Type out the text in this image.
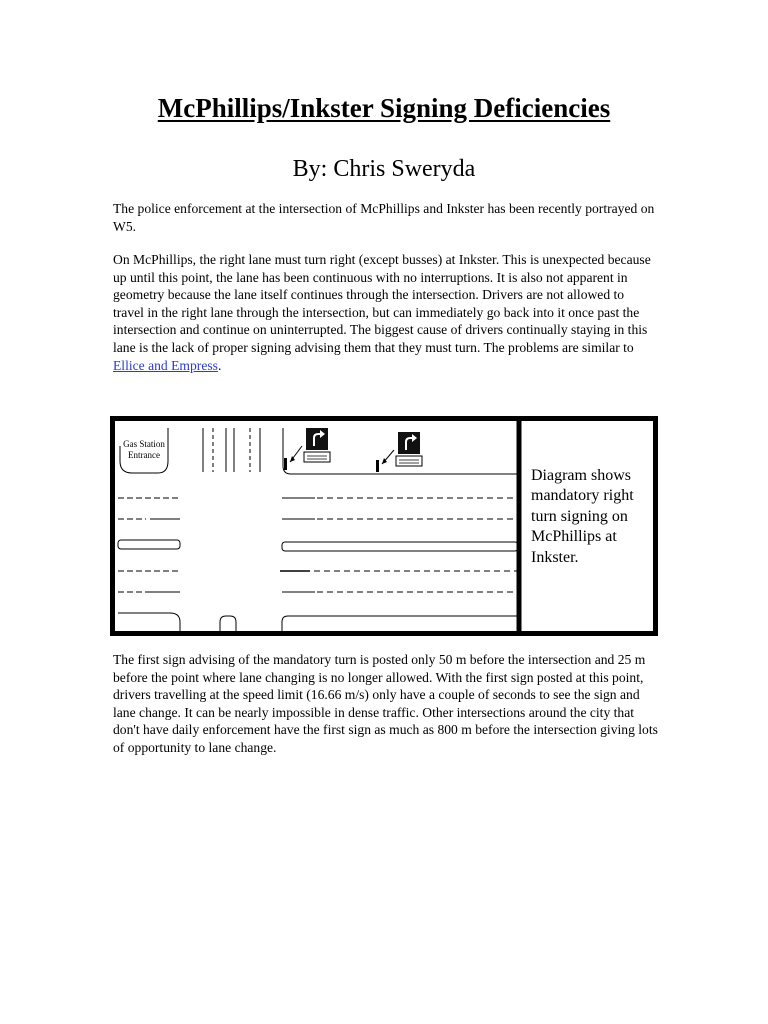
McPhillips/Inkster Signing Deficiencies
By: Chris Sweryda

The police enforcement at the intersection of McPhillips and Inkster has been recently portrayed on W5.

On McPhillips, the right lane must turn right (except busses) at Inkster. This is unexpected because up until this point, the lane has been continuous with no interruptions. It is also not apparent in geometry because the lane itself continues through the intersection. Drivers are not allowed to travel in the right lane through the intersection, but can immediately go back into it once past the intersection and continue on uninterrupted. The biggest cause of drivers continually staying in this lane is the lack of proper signing advising them that they must turn. The problems are similar to Ellice and Empress.

Gas Station Entrance
Diagram shows mandatory right turn signing on McPhillips at Inkster.

The first sign advising of the mandatory turn is posted only 50 m before the intersection and 25 m before the point where lane changing is no longer allowed. With the first sign posted at this point, drivers travelling at the speed limit (16.66 m/s) only have a couple of seconds to see the sign and lane change. It can be nearly impossible in dense traffic. Other intersections around the city that don't have daily enforcement have the first sign as much as 800 m before the intersection giving lots of opportunity to lane change.
